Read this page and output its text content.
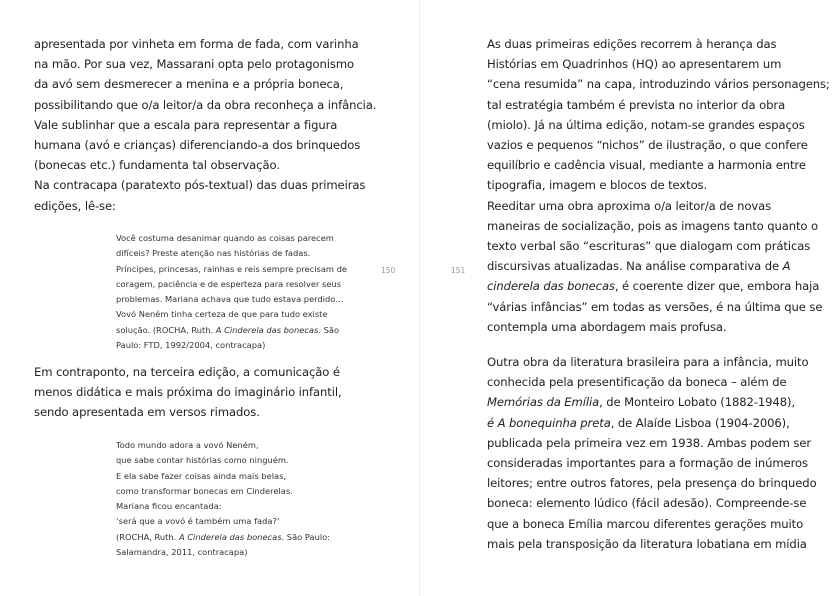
apresentada por vinheta em forma de fada, com varinha
na mão. Por sua vez, Massarani opta pelo protagonismo
da avó sem desmerecer a menina e a própria boneca,
possibilitando que o/a leitor/a da obra reconheça a infância.
Vale sublinhar que a escala para representar a figura
humana (avó e crianças) diferenciando-a dos brinquedos
(bonecas etc.) fundamenta tal observação.
Na contracapa (paratexto pós-textual) das duas primeiras
edições, lê-se:
Você costuma desanimar quando as coisas parecem
difíceis? Preste atenção nas histórias de fadas.
Príncipes, princesas, rainhas e reis sempre precisam de
coragem, paciência e de esperteza para resolver seus
problemas. Mariana achava que tudo estava perdido…
Vovó Neném tinha certeza de que para tudo existe
solução. (ROCHA, Ruth. A Cinderela das bonecas. São
Paulo: FTD, 1992/2004, contracapa)
Em contraponto, na terceira edição, a comunicação é
menos didática e mais próxima do imaginário infantil,
sendo apresentada em versos rimados.
Todo mundo adora a vovó Neném,
que sabe contar histórias como ninguém.
E ela sabe fazer coisas ainda mais belas,
como transformar bonecas em Cinderelas.
Mariana ficou encantada:
‘será que a vovó é também uma fada?’
(ROCHA, Ruth. A Cinderela das bonecas. São Paulo:
Salamandra, 2011, contracapa)
150	151
As duas primeiras edições recorrem à herança das
Histórias em Quadrinhos (HQ) ao apresentarem um
“cena resumida” na capa, introduzindo vários personagens;
tal estratégia também é prevista no interior da obra
(miolo). Já na última edição, notam-se grandes espaços
vazios e pequenos “nichos” de ilustração, o que confere
equilíbrio e cadência visual, mediante a harmonia entre
tipografia, imagem e blocos de textos.
Reeditar uma obra aproxima o/a leitor/a de novas
maneiras de socialização, pois as imagens tanto quanto o
texto verbal são “escrituras” que dialogam com práticas
discursivas atualizadas. Na análise comparativa de A
cinderela das bonecas, é coerente dizer que, embora haja
“várias infâncias” em todas as versões, é na última que se
contempla uma abordagem mais profusa.
Outra obra da literatura brasileira para a infância, muito
conhecida pela presentificação da boneca – além de
Memórias da Emília, de Monteiro Lobato (1882-1948),
é A bonequinha preta, de Alaíde Lisboa (1904-2006),
publicada pela primeira vez em 1938. Ambas podem ser
consideradas importantes para a formação de inúmeros
leitores; entre outros fatores, pela presença do brinquedo
boneca: elemento lúdico (fácil adesão). Compreende-se
que a boneca Emília marcou diferentes gerações muito
mais pela transposição da literatura lobatiana em mídia
